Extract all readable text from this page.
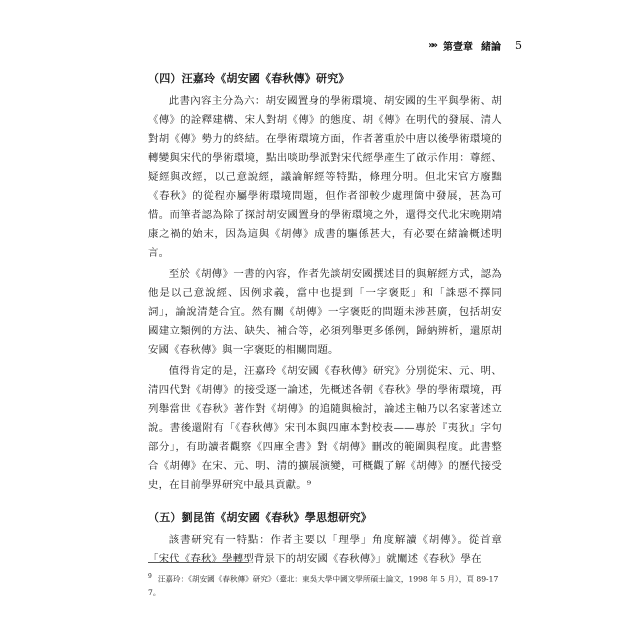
»» 第壹章 緒論 5
（四）汪嘉玲《胡安國《春秋傳》研究》

此書內容主分為六：胡安國置身的學術環境、胡安國的生平與學術、胡《傳》的詮釋建構、宋人對胡《傳》的態度、胡《傳》在明代的發展、清人對胡《傳》勢力的終結。在學術環境方面，作者著重於中唐以後學術環境的轉變與宋代的學術環境，點出啖助學派對宋代經學產生了啟示作用：尊經、疑經與改經，以己意說經，議論解經等特點，條理分明。但北宋官方廢黜《春秋》的從程亦屬學術環境問題，但作者卻較少處理箇中發展，甚為可惜。而筆者認為除了探討胡安國置身的學術環境之外，還得交代北宋晚期靖康之禍的始末，因為這與《胡傳》成書的驅係甚大，有必要在緒論概述明言。

至於《胡傳》一書的內容，作者先談胡安國撰述目的與解經方式，認為他是以己意說經、因例求義，當中也提到「一字褒貶」和「誅惡不擇同詞」，論說清楚合宜。然有關《胡傳》一字褒貶的問題未涉甚廣，包括胡安國建立類例的方法、缺失、補合等，必須列舉更多係例，歸納辨析，還原胡安國《春秋傳》與一字褒貶的相關問題。

值得肯定的是，汪嘉玲《胡安國《春秋傳》研究》分別從宋、元、明、清四代對《胡傳》的接受逐一論述，先概述各朝《春秋》學的學術環境，再列舉當世《春秋》著作對《胡傳》的追隨與檢討，論述主軸乃以名家著述立說。書後還附有「《春秋傳》宋刊本與四庫本對校表——專於『夷狄』字句部分」，有助讀者觀察《四庫全書》對《胡傳》刪改的範圍與程度。此書整合《胡傳》在宋、元、明、清的擴展演變，可概觀了解《胡傳》的歷代接受史，在目前學界研究中最具貢獻。⁹

（五）劉昆笛《胡安國《春秋》學思想研究》

該書研究有一特點：作者主要以「理學」角度解讀《胡傳》。從首章「宋代《春秋》學轉型背景下的胡安國《春秋傳》」就闡述《春秋》學在

$^9$ 汪嘉玲：《胡安國《春秋傳》研究》（臺北：東吳大學中國文學所碩士論文，1998 年 5 月），頁 89-177。
